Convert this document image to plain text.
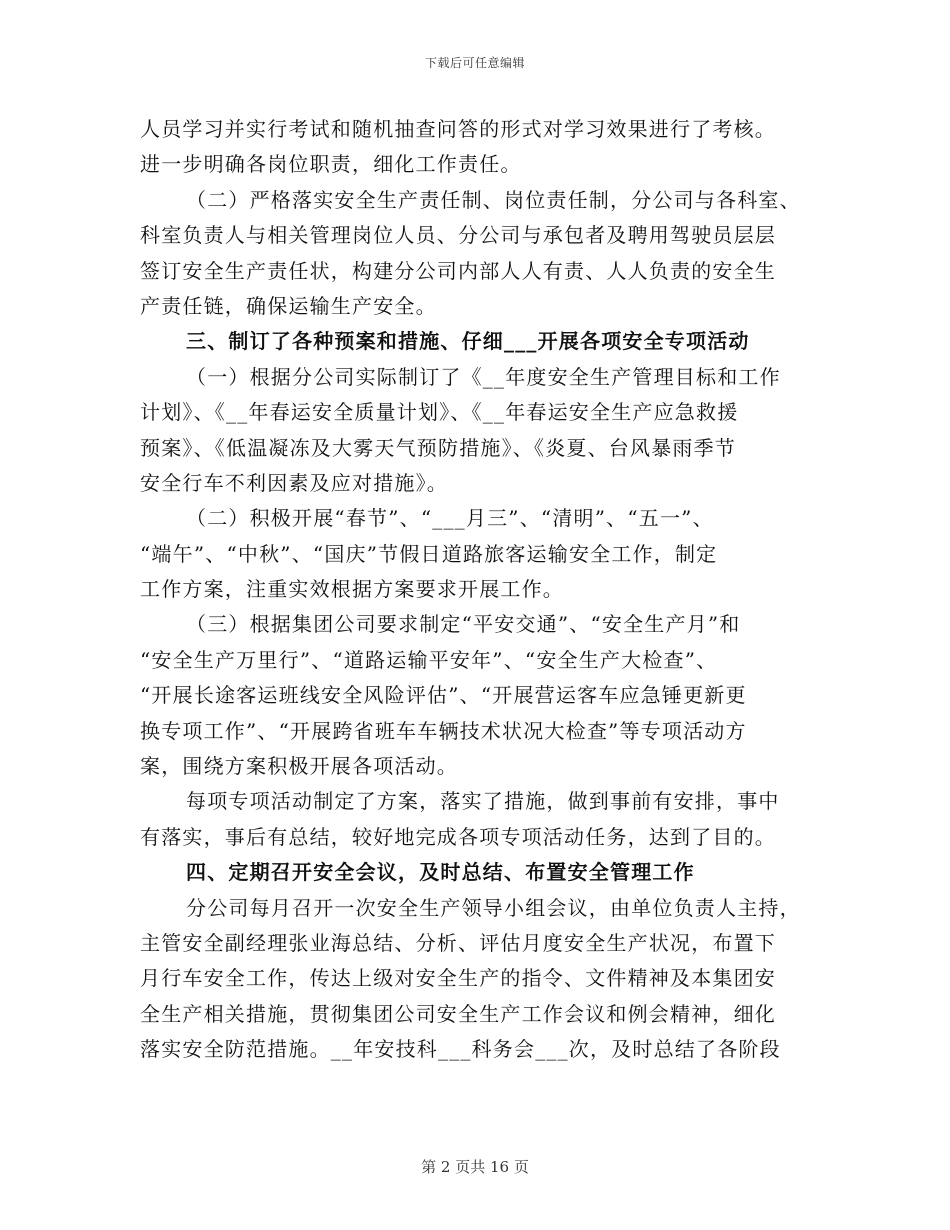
下载后可任意编辑
人员学习并实行考试和随机抽查问答的形式对学习效果进行了考核。
进一步明确各岗位职责，细化工作责任。
（二）严格落实安全生产责任制、岗位责任制，分公司与各科室、
科室负责人与相关管理岗位人员、分公司与承包者及聘用驾驶员层层
签订安全生产责任状，构建分公司内部人人有责、人人负责的安全生
产责任链，确保运输生产安全。
三、制订了各种预案和措施、仔细___开展各项安全专项活动
（一）根据分公司实际制订了《__年度安全生产管理目标和工作
计划》、《__年春运安全质量计划》、《__年春运安全生产应急救援
预案》、《低温凝冻及大雾天气预防措施》、《炎夏、台风暴雨季节
安全行车不利因素及应对措施》。
（二）积极开展“春节”、“___月三”、“清明”、“五一”、
“端午”、“中秋”、“国庆”节假日道路旅客运输安全工作，制定
工作方案，注重实效根据方案要求开展工作。
（三）根据集团公司要求制定“平安交通”、“安全生产月”和
“安全生产万里行”、“道路运输平安年”、“安全生产大检查”、
“开展长途客运班线安全风险评估”、“开展营运客车应急锤更新更
换专项工作”、“开展跨省班车车辆技术状况大检查”等专项活动方
案，围绕方案积极开展各项活动。
每项专项活动制定了方案，落实了措施，做到事前有安排，事中
有落实，事后有总结，较好地完成各项专项活动任务，达到了目的。
四、定期召开安全会议，及时总结、布置安全管理工作
分公司每月召开一次安全生产领导小组会议，由单位负责人主持，
主管安全副经理张业海总结、分析、评估月度安全生产状况，布置下
月行车安全工作，传达上级对安全生产的指令、文件精神及本集团安
全生产相关措施，贯彻集团公司安全生产工作会议和例会精神，细化
落实安全防范措施。__年安技科___科务会___次，及时总结了各阶段
第 2 页共 16 页
